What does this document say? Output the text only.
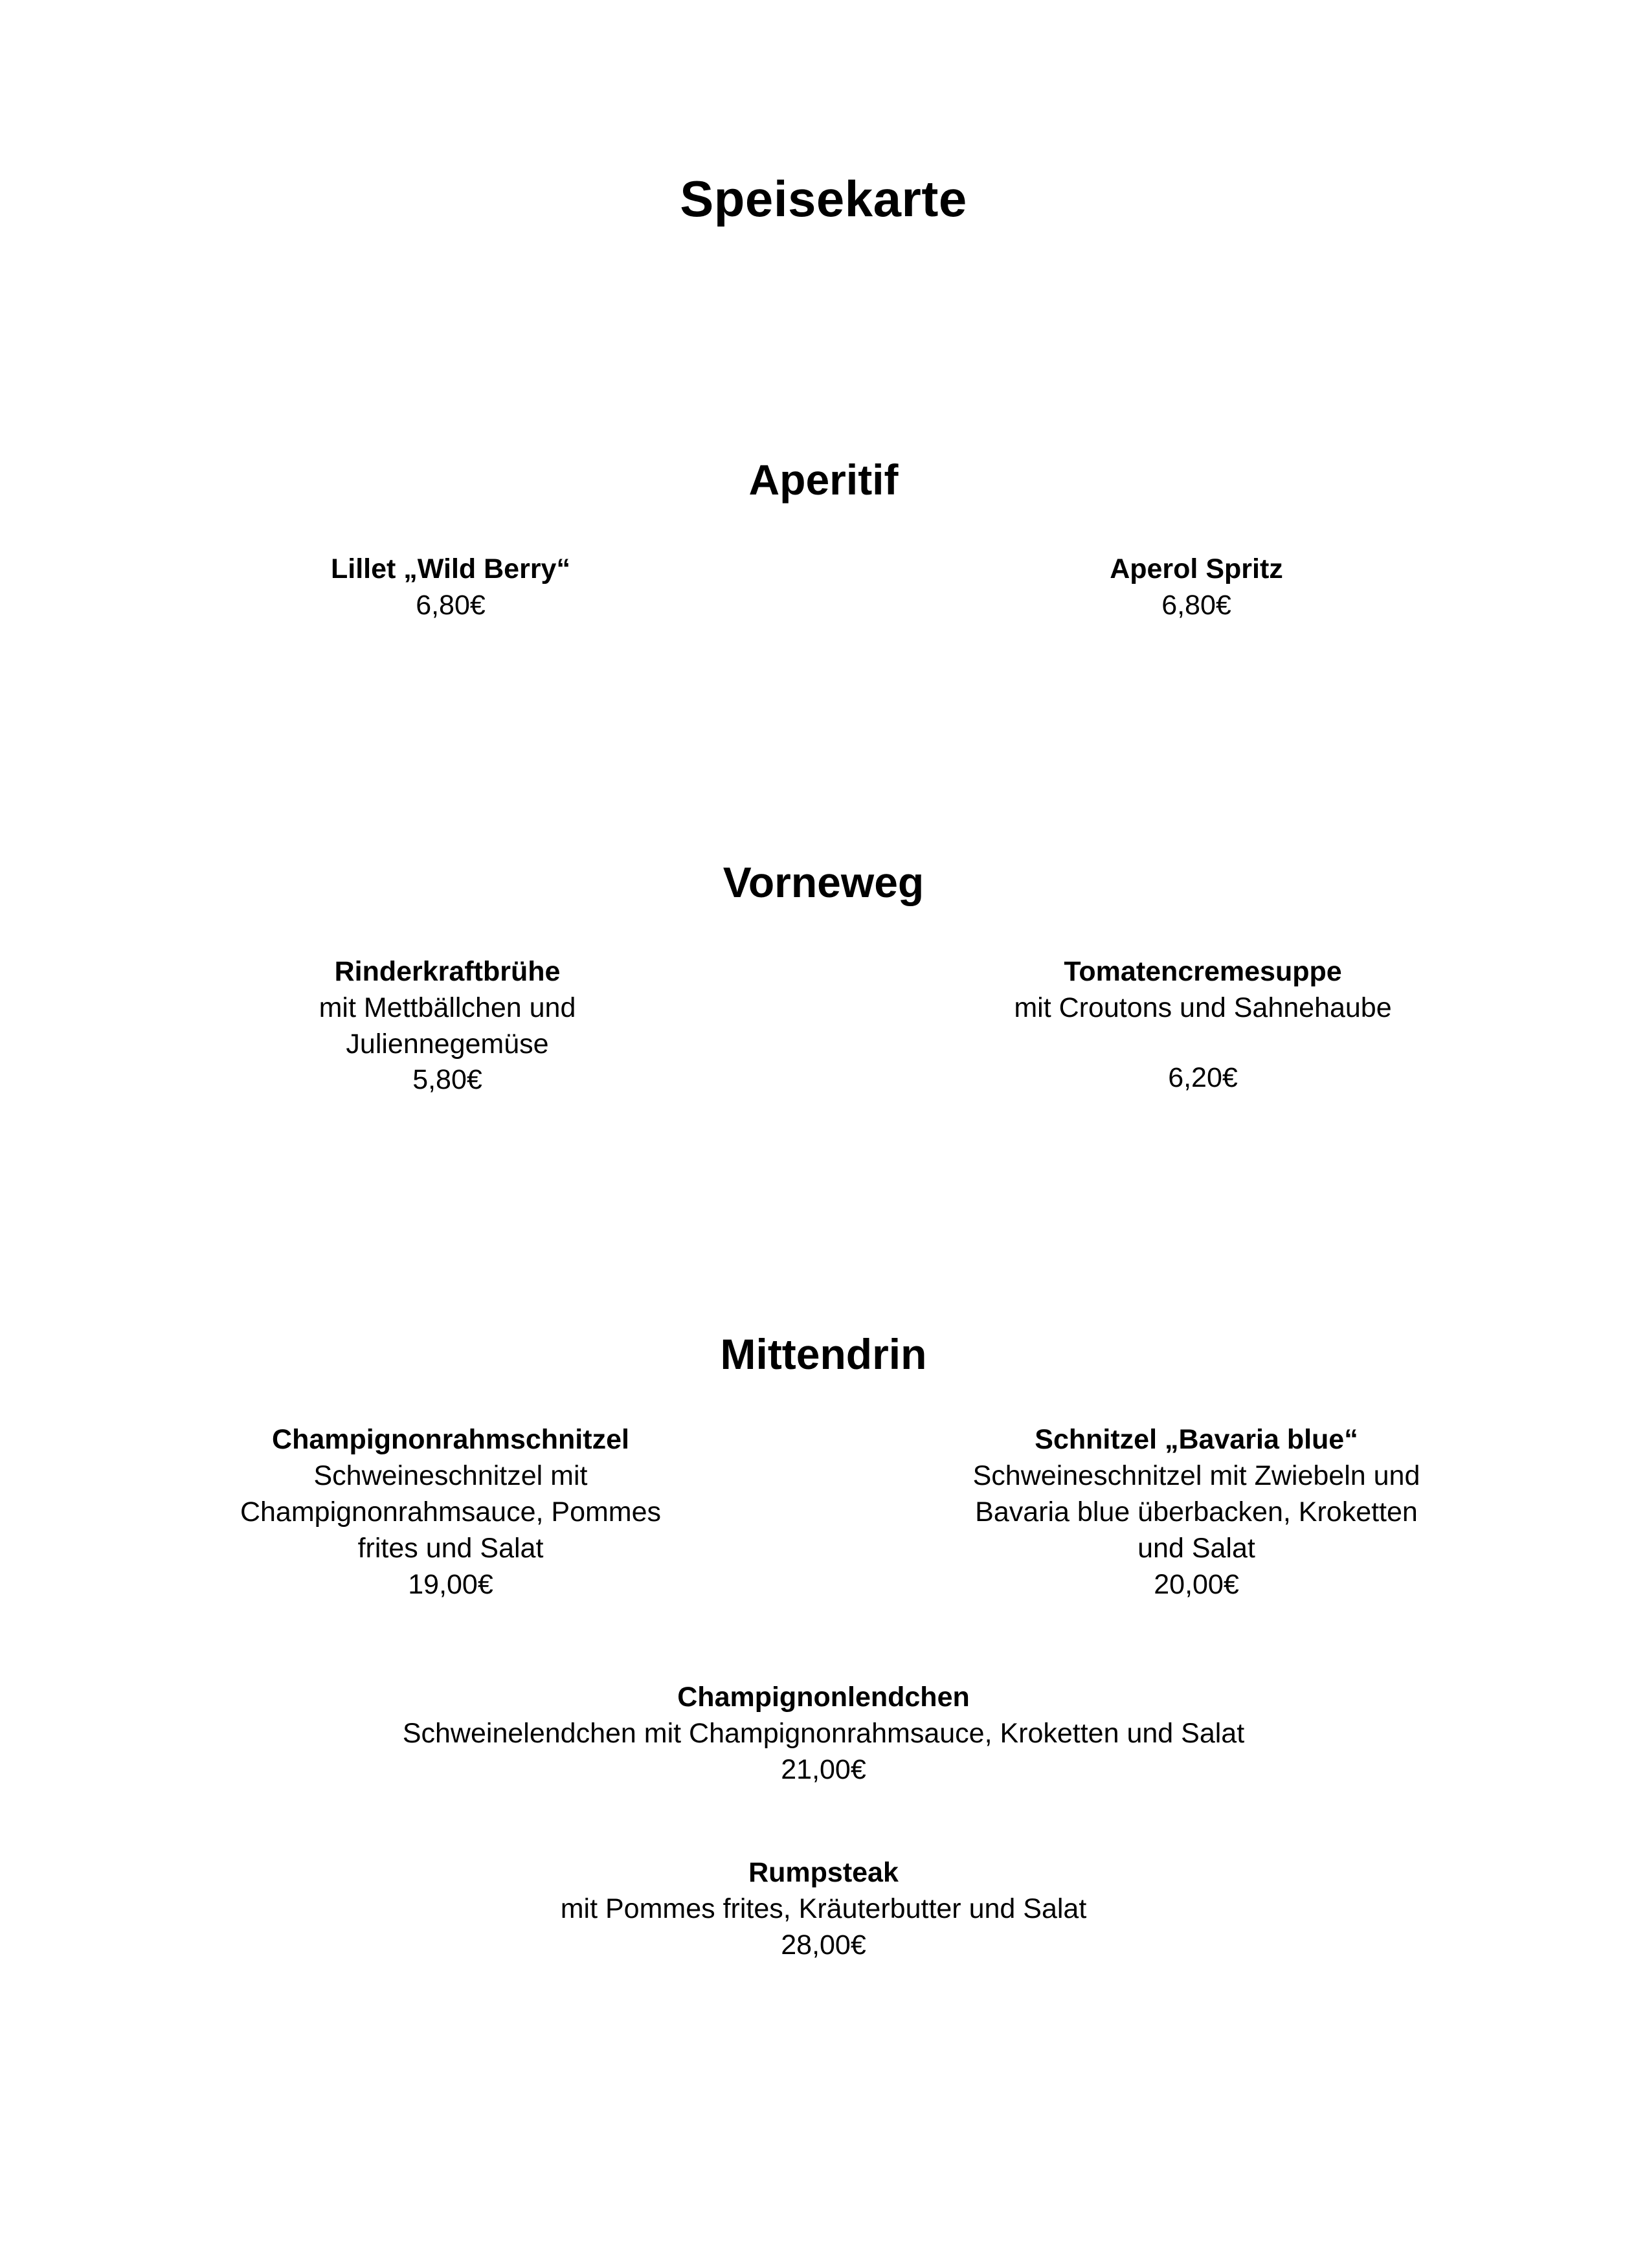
Speisekarte
Aperitif
Lillet „Wild Berry“
6,80€
Aperol Spritz
6,80€
Vorneweg
Rinderkraftbrühe
mit Mettbällchen und
Juliennegemüse
5,80€
Tomatencremesuppe
mit Croutons und Sahnehaube
6,20€
Mittendrin
Champignonrahmschnitzel
Schweineschnitzel mit
Champignonrahmsauce, Pommes
frites und Salat
19,00€
Schnitzel „Bavaria blue“
Schweineschnitzel mit Zwiebeln und
Bavaria blue überbacken, Kroketten
und Salat
20,00€
Champignonlendchen
Schweinelendchen mit Champignonrahmsauce, Kroketten und Salat
21,00€
Rumpsteak
mit Pommes frites, Kräuterbutter und Salat
28,00€
